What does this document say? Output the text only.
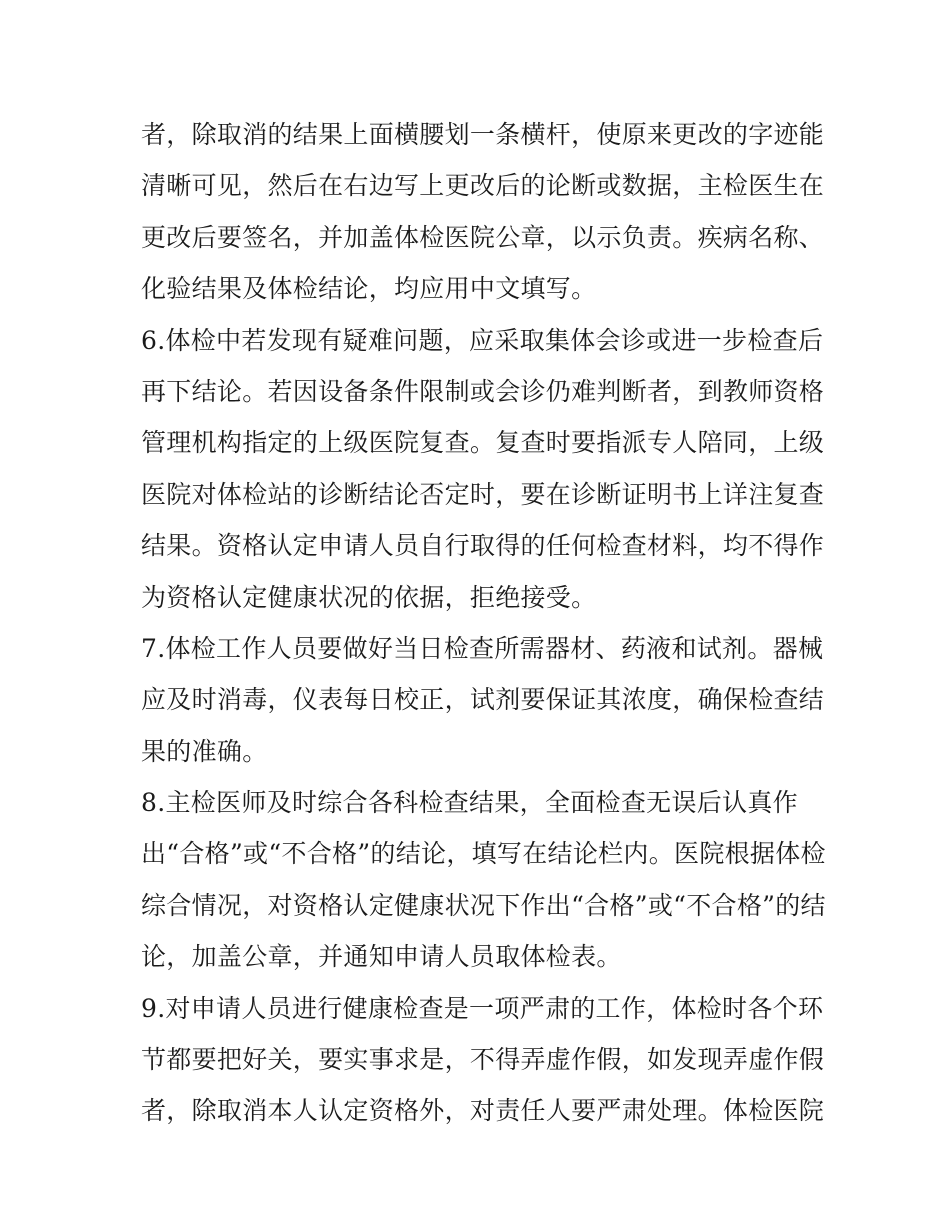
者，除取消的结果上面横腰划一条横杆，使原来更改的字迹能
清晰可见，然后在右边写上更改后的论断或数据，主检医生在
更改后要签名，并加盖体检医院公章，以示负责。疾病名称、
化验结果及体检结论，均应用中文填写。
6.体检中若发现有疑难问题，应采取集体会诊或进一步检查后
再下结论。若因设备条件限制或会诊仍难判断者，到教师资格
管理机构指定的上级医院复查。复查时要指派专人陪同，上级
医院对体检站的诊断结论否定时，要在诊断证明书上详注复查
结果。资格认定申请人员自行取得的任何检查材料，均不得作
为资格认定健康状况的依据，拒绝接受。
7.体检工作人员要做好当日检查所需器材、药液和试剂。器械
应及时消毒，仪表每日校正，试剂要保证其浓度，确保检查结
果的准确。
8.主检医师及时综合各科检查结果，全面检查无误后认真作
出“合格”或“不合格”的结论，填写在结论栏内。医院根据体检
综合情况，对资格认定健康状况下作出“合格”或“不合格”的结
论，加盖公章，并通知申请人员取体检表。
9.对申请人员进行健康检查是一项严肃的工作，体检时各个环
节都要把好关，要实事求是，不得弄虚作假，如发现弄虚作假
者，除取消本人认定资格外，对责任人要严肃处理。体检医院
